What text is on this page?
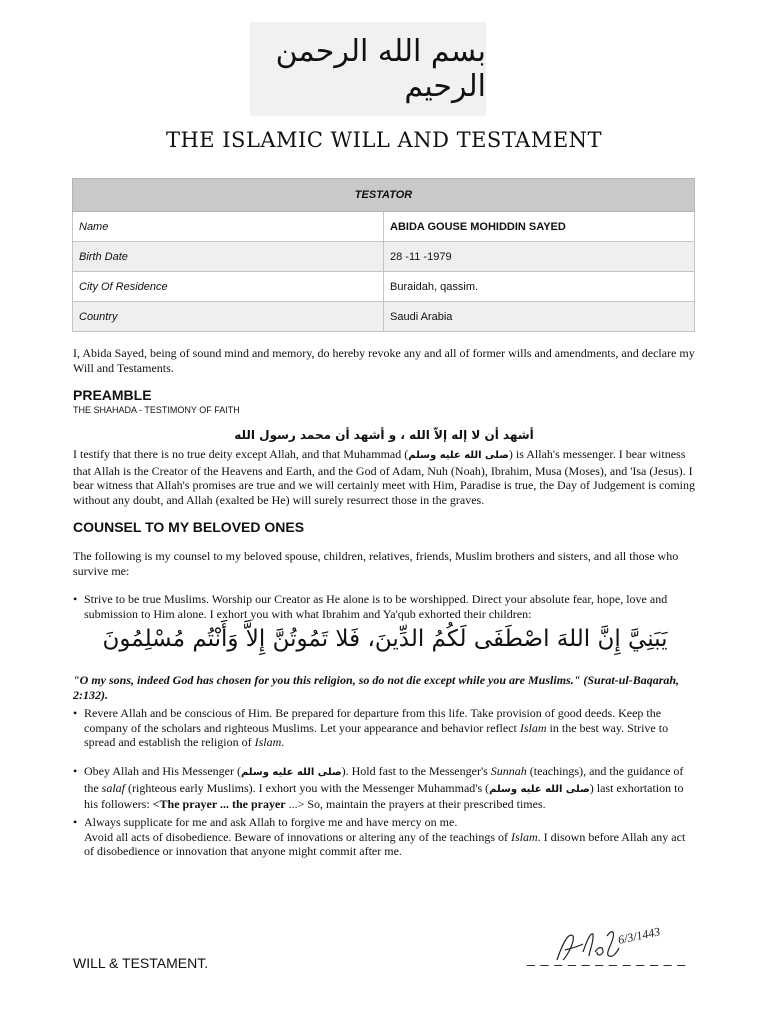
بسم الله الرحمن الرحيم
THE ISLAMIC WILL AND TESTAMENT
TESTATOR	
Name	ABIDA GOUSE MOHIDDIN SAYED
Birth Date	28 -11 -1979
City Of Residence	Buraidah, qassim.
Country	Saudi Arabia
I, Abida Sayed, being of sound mind and memory, do hereby revoke any and all of former wills and amendments, and declare my Will and Testaments.
PREAMBLE
THE SHAHADA - TESTIMONY OF FAITH
أشهد أن لا إله إلاّ الله ، و أشهد أن محمد رسول الله
I testify that there is no true deity except Allah, and that Muhammad (صلى الله عليه وسلم) is Allah's messenger. I bear witness that Allah is the Creator of the Heavens and Earth, and the God of Adam, Nuh (Noah), Ibrahim, Musa (Moses), and 'Isa (Jesus). I bear witness that Allah's promises are true and we will certainly meet with Him, Paradise is true, the Day of Judgement is coming without any doubt, and Allah (exalted be He) will surely resurrect those in the graves.
COUNSEL TO MY BELOVED ONES
The following is my counsel to my beloved spouse, children, relatives, friends, Muslim brothers and sisters, and all those who survive me:
• Strive to be true Muslims. Worship our Creator as He alone is to be worshipped. Direct your absolute fear, hope, love and submission to Him alone. I exhort you with what Ibrahim and Ya'qub exhorted their children:
يَبَنِيَّ إِنَّ اللهَ اصْطَفَى لَكُمُ الدِّينَ، فَلا تَمُوتُنَّ إِلاَّ وَأَنْتُم مُسْلِمُونَ
"O my sons, indeed God has chosen for you this religion, so do not die except while you are Muslims." (Surat-ul-Baqarah, 2:132).
• Revere Allah and be conscious of Him. Be prepared for departure from this life. Take provision of good deeds. Keep the company of the scholars and righteous Muslims. Let your appearance and behavior reflect Islam in the best way. Strive to spread and establish the religion of Islam.
• Obey Allah and His Messenger (صلى الله عليه وسلم). Hold fast to the Messenger's Sunnah (teachings), and the guidance of the salaf (righteous early Muslims). I exhort you with the Messenger Muhammad's (صلى الله عليه وسلم) last exhortation to his followers: <The prayer ... the prayer ...> So, maintain the prayers at their prescribed times.
• Always supplicate for me and ask Allah to forgive me and have mercy on me.
Avoid all acts of disobedience. Beware of innovations or altering any of the teachings of Islam. I disown before Allah any act of disobedience or innovation that anyone might commit after me.
WILL & TESTAMENT.
6/3/1443
_ _ _ _ _ _ _ _ _ _ _ _
